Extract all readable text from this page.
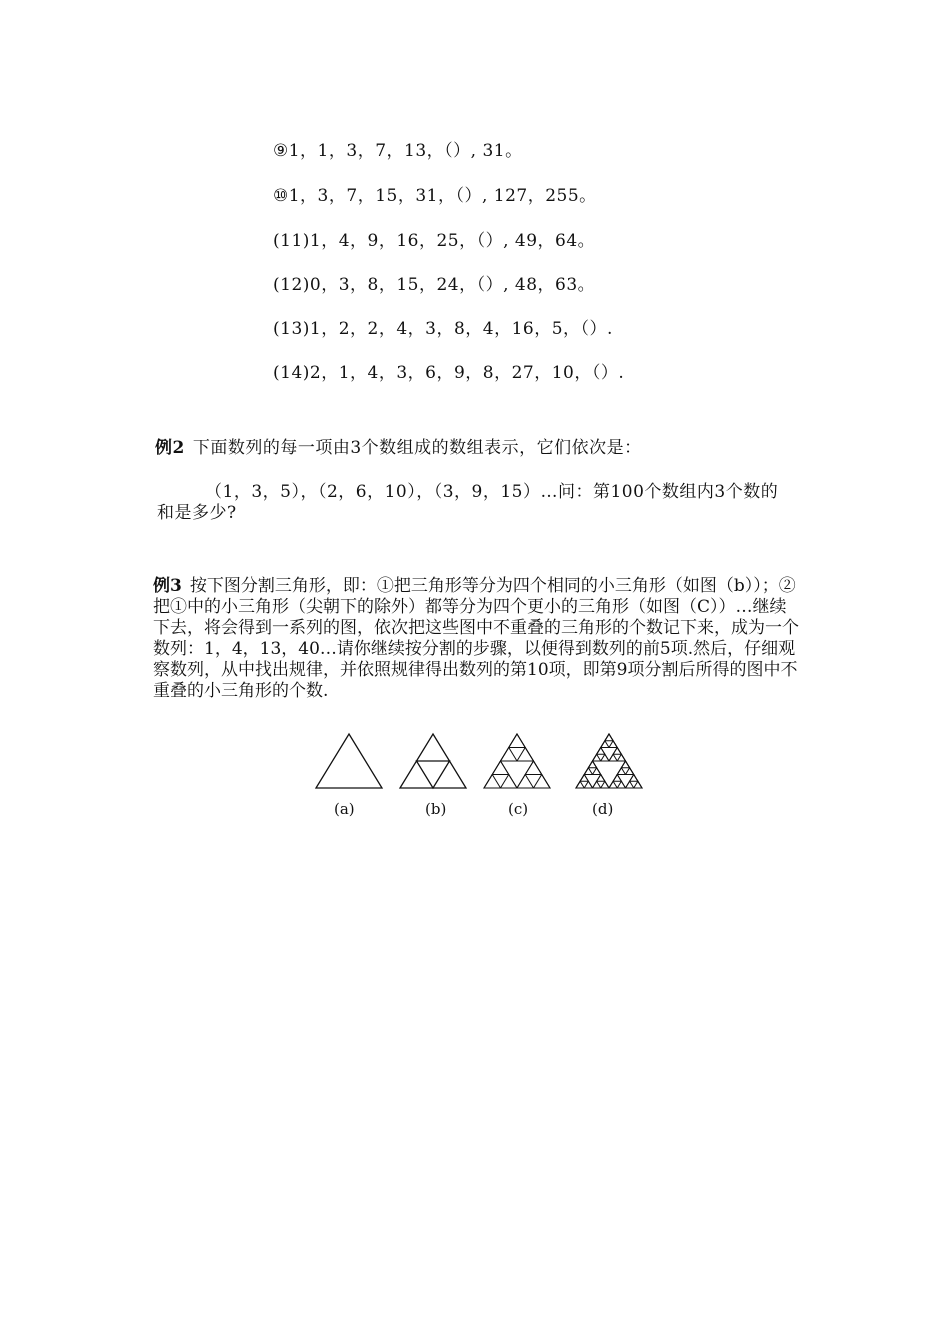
⑨1，1，3，7，13，（）, 31。
⑩1，3，7，15，31，（）, 127，255。
(11)1，4，9，16，25，（）, 49，64。
(12)0，3，8，15，24，（）, 48，63。
(13)1，2，2，4，3，8，4，16，5，（）.
(14)2，1，4，3，6，9，8，27，10，（）.
例2 下面数列的每一项由3个数组成的数组表示，它们依次是：
（1，3，5），（2，6，10），（3，9，15）…问：第100个数组内3个数的
和是多少?
例3 按下图分割三角形，即：①把三角形等分为四个相同的小三角形（如图（b））；②把①中的小三角形（尖朝下的除外）都等分为四个更小的三角形（如图（C））…继续下去，将会得到一系列的图，依次把这些图中不重叠的三角形的个数记下来，成为一个数列：1，4，13，40…请你继续按分割的步骤，以便得到数列的前5项.然后，仔细观察数列，从中找出规律，并依照规律得出数列的第10项，即第9项分割后所得的图中不重叠的小三角形的个数.
(a)	(b)	(c)	(d)
